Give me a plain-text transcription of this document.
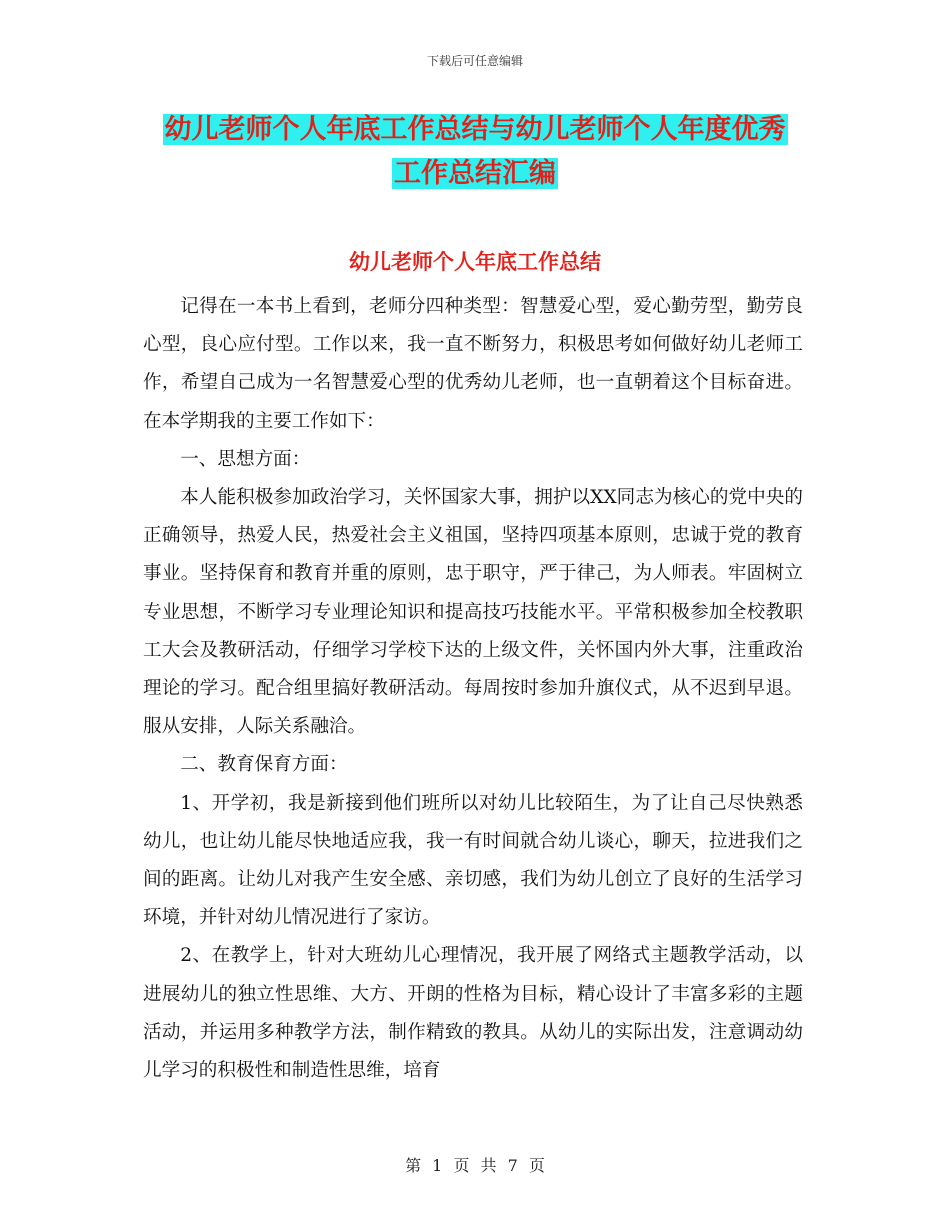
下载后可任意编辑
幼儿老师个人年底工作总结与幼儿老师个人年度优秀
工作总结汇编
幼儿老师个人年底工作总结

记得在一本书上看到，老师分四种类型：智慧爱心型，爱心勤劳型，勤劳良心型，良心应付型。工作以来，我一直不断努力，积极思考如何做好幼儿老师工作，希望自己成为一名智慧爱心型的优秀幼儿老师，也一直朝着这个目标奋进。在本学期我的主要工作如下：

一、思想方面：

本人能积极参加政治学习，关怀国家大事，拥护以XX同志为核心的党中央的正确领导，热爱人民，热爱社会主义祖国，坚持四项基本原则，忠诚于党的教育事业。坚持保育和教育并重的原则，忠于职守，严于律己，为人师表。牢固树立专业思想，不断学习专业理论知识和提高技巧技能水平。平常积极参加全校教职工大会及教研活动，仔细学习学校下达的上级文件，关怀国内外大事，注重政治理论的学习。配合组里搞好教研活动。每周按时参加升旗仪式，从不迟到早退。服从安排，人际关系融洽。

二、教育保育方面：

1、开学初，我是新接到他们班所以对幼儿比较陌生，为了让自己尽快熟悉幼儿，也让幼儿能尽快地适应我，我一有时间就合幼儿谈心，聊天，拉进我们之间的距离。让幼儿对我产生安全感、亲切感，我们为幼儿创立了良好的生活学习环境，并针对幼儿情况进行了家访。

2、在教学上，针对大班幼儿心理情况，我开展了网络式主题教学活动，以进展幼儿的独立性思维、大方、开朗的性格为目标，精心设计了丰富多彩的主题活动，并运用多种教学方法，制作精致的教具。从幼儿的实际出发，注意调动幼儿学习的积极性和制造性思维，培育

第 1 页 共 7 页
